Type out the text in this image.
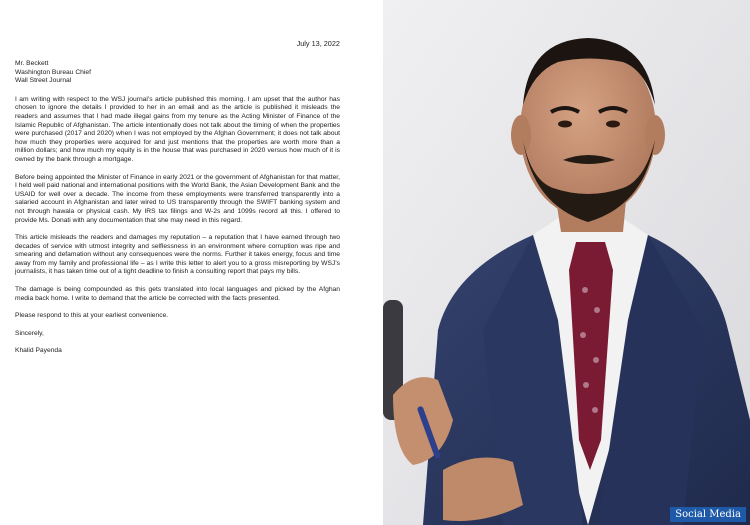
July 13, 2022
Mr. Beckett
Washington Bureau Chief
Wall Street Journal

I am writing with respect to the WSJ journal’s article published this morning. I am upset that the author has chosen to ignore the details I provided to her in an email and as the article is published it misleads the readers and assumes that I had made illegal gains from my tenure as the Acting Minister of Finance of the Islamic Republic of Afghanistan. The article intentionally does not talk about the timing of when the properties were purchased (2017 and 2020) when I was not employed by the Afghan Government; it does not talk about how much they properties were acquired for and just mentions that the properties are worth more than a million dollars; and how much my equity is in the house that was purchased in 2020 versus how much of it is owned by the bank through a mortgage.

Before being appointed the Minister of Finance in early 2021 or the government of Afghanistan for that matter, I held well paid national and international positions with the World Bank, the Asian Development Bank and the USAID for well over a decade. The income from these employments were transferred transparently into a salaried account in Afghanistan and later wired to US transparently through the SWIFT banking system and not through hawala or physical cash. My IRS tax filings and W-2s and 1099s record all this. I offered to provide Ms. Donati with any documentation that she may need in this regard.

This article misleads the readers and damages my reputation – a reputation that I have earned through two decades of service with utmost integrity and selflessness in an environment where corruption was ripe and smearing and defamation without any consequences were the norms. Further it takes energy, focus and time away from my family and professional life – as I write this letter to alert you to a gross misreporting by WSJ’s journalists, it has taken time out of a tight deadline to finish a consulting report that pays my bills.

The damage is being compounded as this gets translated into local languages and picked by the Afghan media back home. I write to demand that the article be corrected with the facts presented.

Please respond to this at your earliest convenience.

Sincerely,

Khalid Payenda

Social Media
